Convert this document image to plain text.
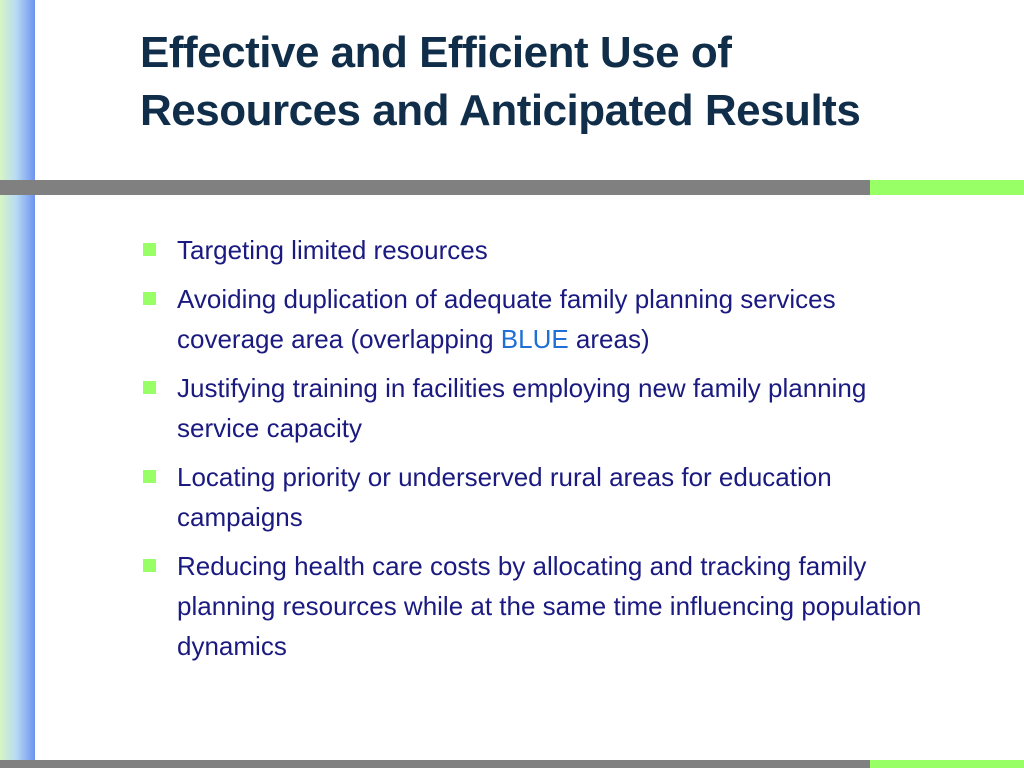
Effective and Efficient Use of
Resources and Anticipated Results
Targeting limited resources
Avoiding duplication of adequate family planning services coverage area (overlapping BLUE areas)
Justifying training in facilities employing new family planning service capacity
Locating priority or underserved rural areas for education campaigns
Reducing health care costs by allocating and tracking family planning resources while at the same time influencing population dynamics
